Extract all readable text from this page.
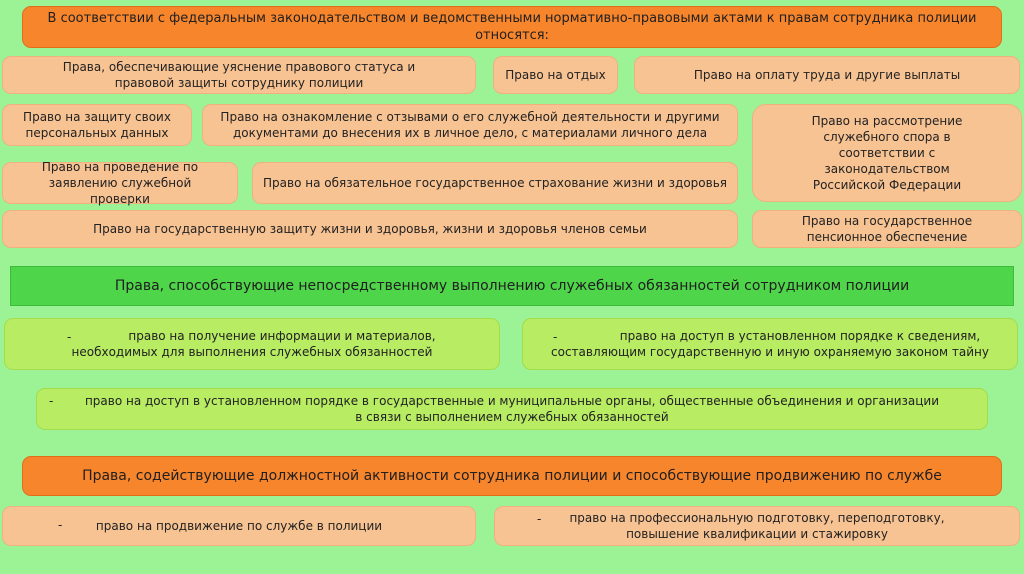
В соответствии с федеральным законодательством и ведомственными нормативно-правовыми актами к правам сотрудника полиции относятся:
Права, обеспечивающие уяснение правового статуса и правовой защиты сотруднику полиции
Право на отдых	Право на оплату труда и другие выплаты
Право на защиту своих персональных данных
Право на ознакомление с отзывами о его служебной деятельности и другими документами до внесения их в личное дело, с материалами личного дела
Право на рассмотрение служебного спора в соответствии с законодательством Российской Федерации
Право на проведение по заявлению служебной проверки
Право на обязательное государственное страхование жизни и здоровья
Право на государственную защиту жизни и здоровья, жизни и здоровья членов семьи
Право на государственное пенсионное обеспечение
Права, способствующие непосредственному выполнению служебных обязанностей сотрудником полиции
-	право на получение информации и материалов, необходимых для выполнения служебных обязанностей
-	право на доступ в установленном порядке к сведениям, составляющим государственную и иную охраняемую законом тайну
-	право на доступ в установленном порядке в государственные и муниципальные органы, общественные объединения и организации в связи с выполнением служебных обязанностей
Права, содействующие должностной активности сотрудника полиции и способствующие продвижению по службе
-	право на продвижение по службе в полиции	- право на профессиональную подготовку, переподготовку, повышение квалификации и стажировку
